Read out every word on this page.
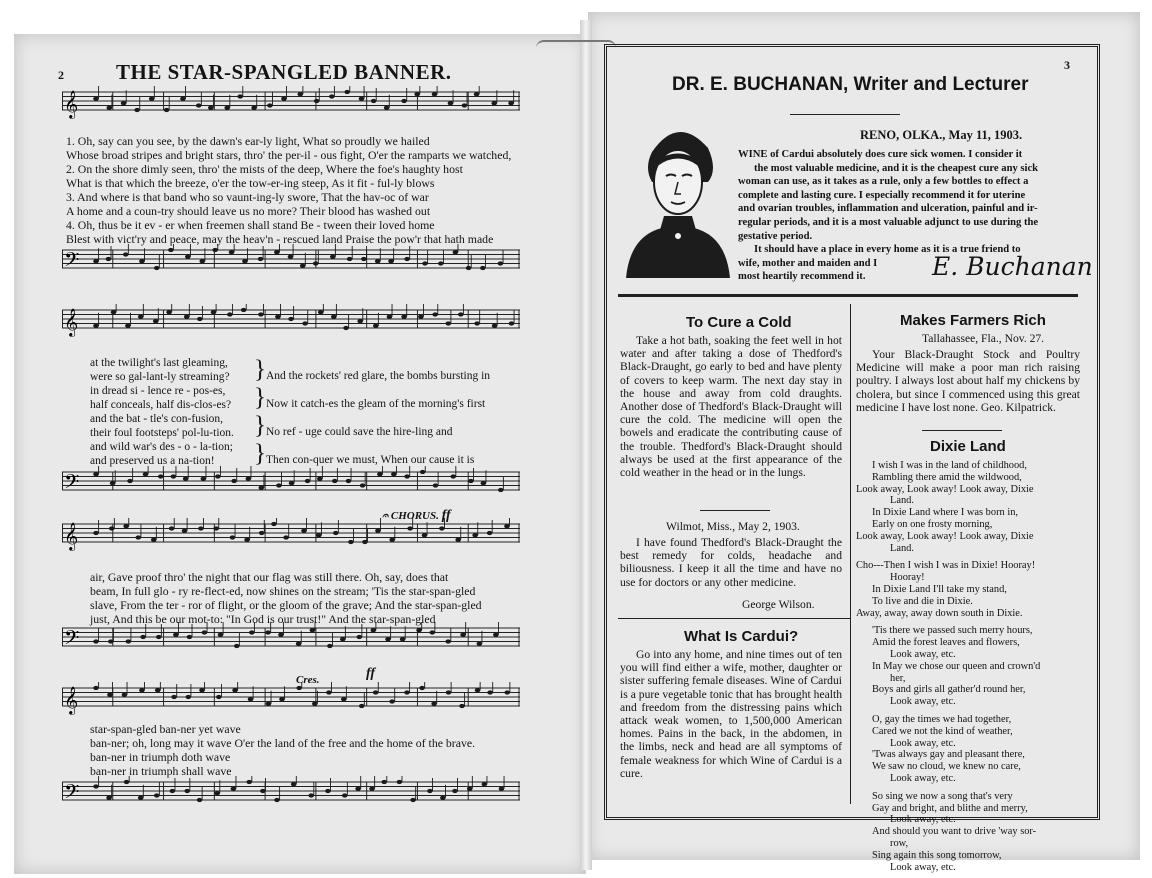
2 THE STAR-SPANGLED BANNER.
𝄞
𝄢
𝄞
𝄢
𝄞
𝄢
𝄞
𝄢
1. Oh, say can you see, by the dawn's ear-ly light, What so proudly we hailed
Whose broad stripes and bright stars, thro' the per-il - ous fight, O'er the ramparts we watched,
2. On the shore dimly seen, thro' the mists of the deep, Where the foe's haughty host
What is that which the breeze, o'er the tow-er-ing steep, As it fit - ful-ly blows
3. And where is that band who so vaunt-ing-ly swore, That the hav-oc of war
A home and a coun-try should leave us no more? Their blood has washed out
4. Oh, thus be it ev - er when freemen shall stand Be - tween their loved home
Blest with vict'ry and peace, may the heav'n - rescued land Praise the pow'r that hath made
at the twilight's last gleaming,
were so gal-lant-ly streaming?
in dread si - lence re - pos-es,
half conceals, half dis-clos-es?
and the bat - tle's con-fusion,
their foul footsteps' pol-lu-tion.
and wild war's des - o - la-tion;
and preserved us a na-tion!
}
}
}
}
And the rockets' red glare, the bombs bursting in
Now it catch-es the gleam of the morning's first
No ref - uge could save the hire-ling and
Then con-quer we must, When our cause it is
𝄐 CHORUS. ff
air, Gave proof thro' the night that our flag was still there. Oh, say, does that
beam, In full glo - ry re-flect-ed, now shines on the stream; 'Tis the star-span-gled
slave, From the ter - ror of flight, or the gloom of the grave; And the star-span-gled
just, And this be our mot-to: "In God is our trust!" And the star-span-gled
Cres.	ff
star-span-gled ban-ner yet wave
ban-ner; oh, long may it wave O'er the land of the free and the home of the brave.
ban-ner in triumph doth wave
ban-ner in triumph shall wave
3
DR. E. BUCHANAN, Writer and Lecturer
RENO, OLKA., May 11, 1903.
WINE of Cardui absolutely does cure sick women. I consider it
the most valuable medicine, and it is the cheapest cure any sick
woman can use, as it takes as a rule, only a few bottles to effect a
complete and lasting cure. I especially recommend it for uterine
and ovarian troubles, inflammation and ulceration, painful and ir-
regular periods, and it is a most valuable adjunct to use during the
gestative period.
It should have a place in every home as it is a true friend to
wife, mother and maiden and I
most heartily recommend it.	E. Buchanan
To Cure a Cold
Take a hot bath, soaking the feet well in hot water and after taking a dose of Thedford's Black-Draught, go early to bed and have plenty of covers to keep warm. The next day stay in the house and away from cold draughts. Another dose of Thedford's Black-Draught will cure the cold. The medicine will open the bowels and eradicate the contributing cause of the trouble. Thedford's Black-Draught should always be used at the first appearance of the cold weather in the head or in the lungs.
Wilmot, Miss., May 2, 1903.
I have found Thedford's Black-Draught the best remedy for colds, headache and biliousness. I keep it all the time and have no use for doctors or any other medicine.
George Wilson.
What Is Cardui?
Go into any home, and nine times out of ten you will find either a wife, mother, daughter or sister suffering female diseases. Wine of Cardui is a pure vegetable tonic that has brought health and freedom from the distressing pains which attack weak women, to 1,500,000 American homes. Pains in the back, in the abdomen, in the limbs, neck and head are all symptoms of female weakness for which Wine of Cardui is a cure.
Makes Farmers Rich
Tallahassee, Fla., Nov. 27.
Your Black-Draught Stock and Poultry Medicine will make a poor man rich raising poultry. I always lost about half my chickens by cholera, but since I commenced using this great medicine I have lost none. Geo. Kilpatrick.
Dixie Land
I wish I was in the land of childhood,
Rambling there amid the wildwood,
Look away, Look away! Look away, Dixie
Land.
In Dixie Land where I was born in,
Early on one frosty morning,
Look away, Look away! Look away, Dixie
Land.
Cho---Then I wish I was in Dixie! Hooray!
Hooray!
In Dixie Land I'll take my stand,
To live and die in Dixie.
Away, away, away down south in Dixie.
'Tis there we passed such merry hours,
Amid the forest leaves and flowers,
Look away, etc.
In May we chose our queen and crown'd
her,
Boys and girls all gather'd round her,
Look away, etc.
O, gay the times we had together,
Cared we not the kind of weather,
Look away, etc.
'Twas always gay and pleasant there,
We saw no cloud, we knew no care,
Look away, etc.
So sing we now a song that's very
Gay and bright, and blithe and merry,
Look away, etc.
And should you want to drive 'way sor-
row,
Sing again this song tomorrow,
Look away, etc.
